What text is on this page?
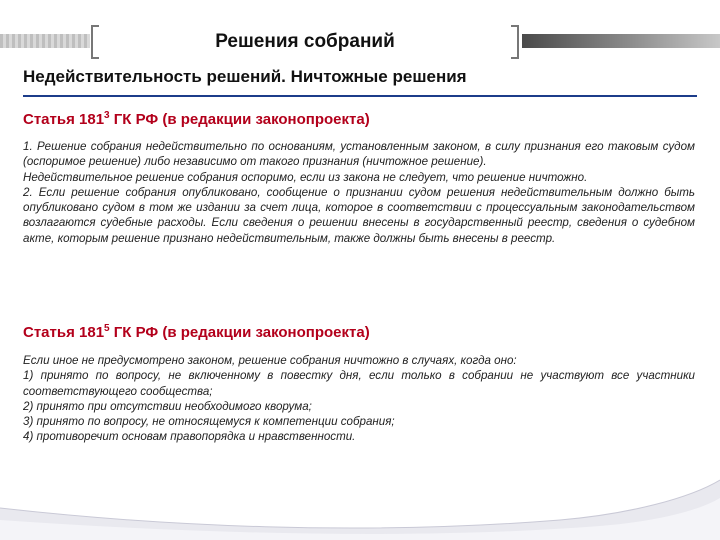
Решения собраний
Недействительность решений. Ничтожные решения
Статья $181^3$ ГК РФ (в редакции законопроекта)

1. Решение собрания недействительно по основаниям, установленным законом, в силу признания его таковым судом (оспоримое решение) либо независимо от такого признания (ничтожное решение).

Недействительное решение собрания оспоримо, если из закона не следует, что решение ничтожно.

2. Если решение собрания опубликовано, сообщение о признании судом решения недействительным должно быть опубликовано судом в том же издании за счет лица, которое в соответствии с процессуальным законодательством возлагаются судебные расходы. Если сведения о решении внесены в государственный реестр, сведения о судебном акте, которым решение признано недействительным, также должны быть внесены в реестр.

Статья $181^5$ ГК РФ (в редакции законопроекта)

Если иное не предусмотрено законом, решение собрания ничтожно в случаях, когда оно:

1) принято по вопросу, не включенному в повестку дня, если только в собрании не участвуют все участники соответствующего сообщества;

2) принято при отсутствии необходимого кворума;

3) принято по вопросу, не относящемуся к компетенции собрания;

4) противоречит основам правопорядка и нравственности.
